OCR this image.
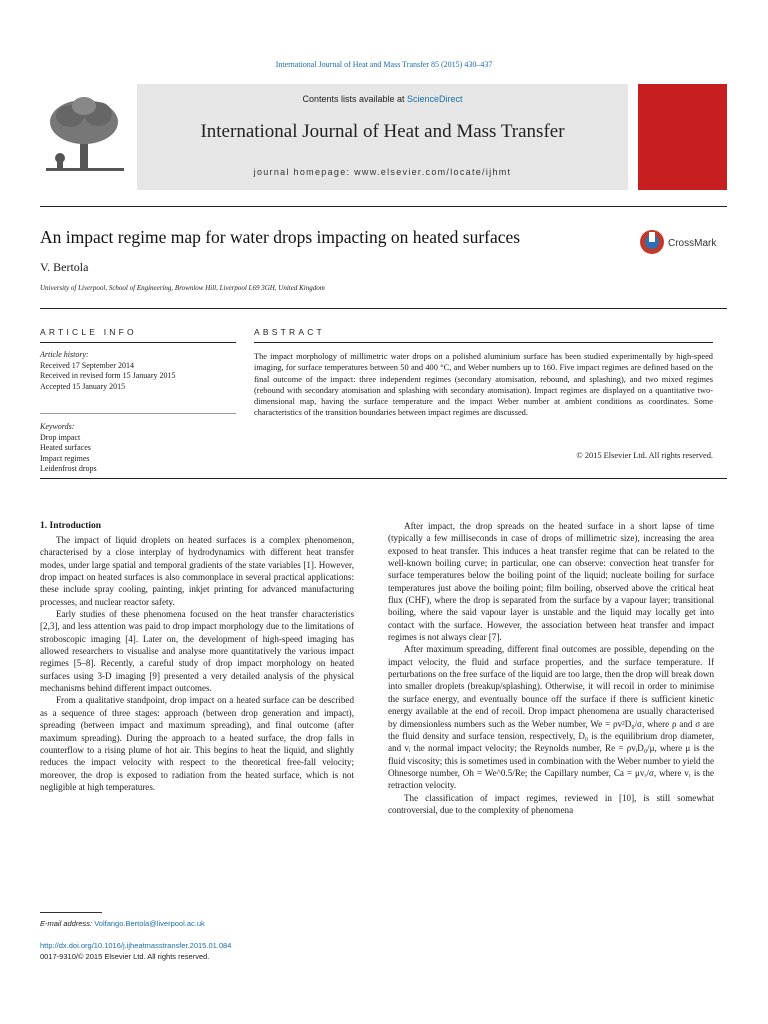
International Journal of Heat and Mass Transfer 85 (2015) 430–437
Contents lists available at ScienceDirect
International Journal of Heat and Mass Transfer
journal homepage: www.elsevier.com/locate/ijhmt
An impact regime map for water drops impacting on heated surfaces	CrossMark
V. Bertola
University of Liverpool, School of Engineering, Brownlow Hill, Liverpool L69 3GH, United Kingdom
ARTICLE INFO
Article history:
Received 17 September 2014
Received in revised form 15 January 2015
Accepted 15 January 2015
Keywords:
Drop impact
Heated surfaces
Impact regimes
Leidenfrost drops
ABSTRACT
The impact morphology of millimetric water drops on a polished aluminium surface has been studied experimentally by high-speed imaging, for surface temperatures between 50 and 400 °C, and Weber numbers up to 160. Five impact regimes are defined based on the final outcome of the impact: three independent regimes (secondary atomisation, rebound, and splashing), and two mixed regimes (rebound with secondary atomisation and splashing with secondary atomisation). Impact regimes are displayed on a quantitative two-dimensional map, having the surface temperature and the impact Weber number at ambient conditions as coordinates. Some characteristics of the transition boundaries between impact regimes are discussed.
© 2015 Elsevier Ltd. All rights reserved.
1. Introduction

The impact of liquid droplets on heated surfaces is a complex phenomenon, characterised by a close interplay of hydrodynamics with different heat transfer modes, under large spatial and temporal gradients of the state variables [1]. However, drop impact on heated surfaces is also commonplace in several practical applications: these include spray cooling, painting, inkjet printing for advanced manufacturing processes, and nuclear reactor safety.

Early studies of these phenomena focused on the heat transfer characteristics [2,3], and less attention was paid to drop impact morphology due to the limitations of stroboscopic imaging [4]. Later on, the development of high-speed imaging has allowed researchers to visualise and analyse more quantitatively the various impact regimes [5–8]. Recently, a careful study of drop impact morphology on heated surfaces using 3-D imaging [9] presented a very detailed analysis of the physical mechanisms behind different impact outcomes.

From a qualitative standpoint, drop impact on a heated surface can be described as a sequence of three stages: approach (between drop generation and impact), spreading (between impact and maximum spreading), and final outcome (after maximum spreading). During the approach to a heated surface, the drop falls in counterflow to a rising plume of hot air. This begins to heat the liquid, and slightly reduces the impact velocity with respect to the theoretical free-fall velocity; moreover, the drop is exposed to radiation from the heated surface, which is not negligible at high temperatures.

After impact, the drop spreads on the heated surface in a short lapse of time (typically a few milliseconds in case of drops of millimetric size), increasing the area exposed to heat transfer. This induces a heat transfer regime that can be related to the well-known boiling curve; in particular, one can observe: convection heat transfer for surface temperatures below the boiling point of the liquid; nucleate boiling for surface temperatures just above the boiling point; film boiling, observed above the critical heat flux (CHF), where the drop is separated from the surface by a vapour layer; transitional boiling, where the said vapour layer is unstable and the liquid may locally get into contact with the surface. However, the association between heat transfer and impact regimes is not always clear [7].

After maximum spreading, different final outcomes are possible, depending on the impact velocity, the fluid and surface properties, and the surface temperature. If perturbations on the free surface of the liquid are too large, then the drop will break down into smaller droplets (breakup/splashing). Otherwise, it will recoil in order to minimise the surface energy, and eventually bounce off the surface if there is sufficient kinetic energy available at the end of recoil. Drop impact phenomena are usually characterised by dimensionless numbers such as the Weber number, We = ρv²D₀/σ, where ρ and σ are the fluid density and surface tension, respectively, D₀ is the equilibrium drop diameter, and vᵢ the normal impact velocity; the Reynolds number, Re = ρvᵢD₀/μ, where μ is the fluid viscosity; this is sometimes used in combination with the Weber number to yield the Ohnesorge number, Oh = We^0.5/Re; the Capillary number, Ca = μvᵣ/σ, where vᵣ is the retraction velocity.

The classification of impact regimes, reviewed in [10], is still somewhat controversial, due to the complexity of phenomena

E-mail address: Volfango.Bertola@liverpool.ac.uk
http://dx.doi.org/10.1016/j.ijheatmasstransfer.2015.01.084
0017-9310/© 2015 Elsevier Ltd. All rights reserved.
